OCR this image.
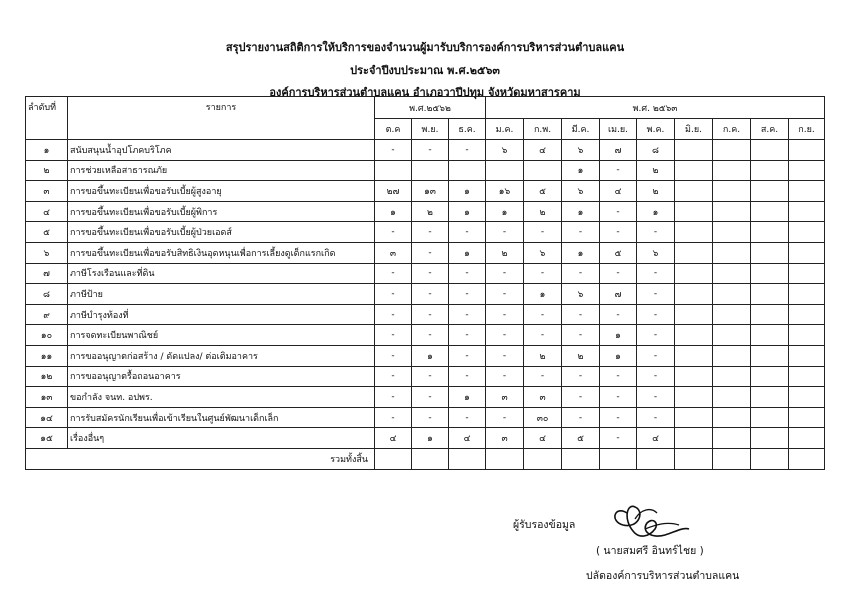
สรุปรายงานสถิติการให้บริการของจำนวนผู้มารับบริการองค์การบริหารส่วนตำบลแคน
ประจำปีงบประมาณ พ.ศ.๒๕๖๓
องค์การบริหารส่วนตำบลแคน อำเภอวาปีปทุม จังหวัดมหาสารคาม
ลำดับที่	รายการ	พ.ศ.๒๕๖๒			พ.ศ. ๒๕๖๓								
		ต.ค	พ.ย.	ธ.ค.	ม.ค.	ก.พ.	มี.ค.	เม.ย.	พ.ค.	มิ.ย.	ก.ค.	ส.ค.	ก.ย.
๑	สนับสนุนน้ำอุปโภคบริโภค	-	-	-	๖	๔	๖	๗	๘				
๒	การช่วยเหลือสาธารณภัย						๑	-	๒				
๓	การขอขึ้นทะเบียนเพื่อขอรับเบี้ยผู้สูงอายุ	๒๗	๑๓	๑	๑๖	๕	๖	๔	๒				
๔	การขอขึ้นทะเบียนเพื่อขอรับเบี้ยผู้พิการ	๑	๒	๑	๑	๒	๑	-	๑				
๕	การขอขึ้นทะเบียนเพื่อขอรับเบี้ยผู้ป่วยเอดส์	-	-	-	-	-	-	-	-				
๖	การขอขึ้นทะเบียนเพื่อขอรับสิทธิเงินอุดหนุนเพื่อการเลี้ยงดูเด็กแรกเกิด	๓	-	๑	๒	๖	๑	๕	๖				
๗	ภาษีโรงเรือนและที่ดิน	-	-	-	-	-	-	-	-				
๘	ภาษีป้าย	-	-	-	-	๑	๖	๗	-				
๙	ภาษีบำรุงท้องที่	-	-	-	-	-	-	-	-				
๑๐	การจดทะเบียนพาณิชย์	-	-	-	-	-	-	๑	-				
๑๑	การขออนุญาตก่อสร้าง / ดัดแปลง/ ต่อเติมอาคาร	-	๑	-	-	๒	๒	๑	-				
๑๒	การขออนุญาตรื้อถอนอาคาร	-	-	-	-	-	-	-	-				
๑๓	ขอกำลัง จนท. อปพร.	-	-	๑	๓	๓	-	-	-				
๑๔	การรับสมัครนักเรียนเพื่อเข้าเรียนในศูนย์พัฒนาเด็กเล็ก	-	-	-	-	๓๐	-	-	-				
๑๕	เรื่องอื่นๆ	๔	๑	๔	๓	๔	๕	-	๔				
รวมทั้งสิ้น													
ผู้รับรองข้อมูล
( นายสมศรี อินทร์ไชย )
ปลัดองค์การบริหารส่วนตำบลแคน
